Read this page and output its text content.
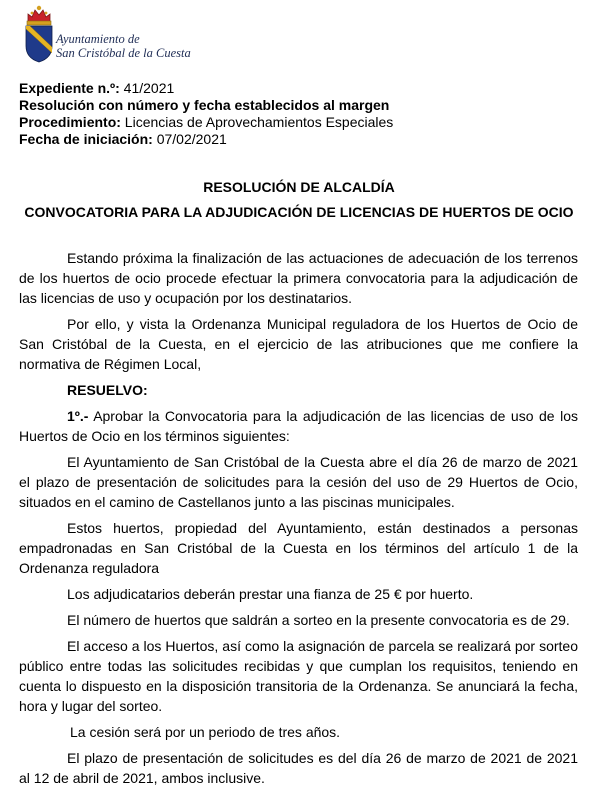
Ayuntamiento de
San Cristóbal de la Cuesta
Expediente n.º: 41/2021
Resolución con número y fecha establecidos al margen
Procedimiento: Licencias de Aprovechamientos Especiales
Fecha de iniciación: 07/02/2021
RESOLUCIÓN DE ALCALDÍA
CONVOCATORIA PARA LA ADJUDICACIÓN DE LICENCIAS DE HUERTOS DE OCIO

Estando próxima la finalización de las actuaciones de adecuación de los terrenos de los huertos de ocio procede efectuar la primera convocatoria para la adjudicación de las licencias de uso y ocupación por los destinatarios.

Por ello, y vista la Ordenanza Municipal reguladora de los Huertos de Ocio de San Cristóbal de la Cuesta, en el ejercicio de las atribuciones que me confiere la normativa de Régimen Local,

RESUELVO:

1º.- Aprobar la Convocatoria para la adjudicación de las licencias de uso de los Huertos de Ocio en los términos siguientes:

El Ayuntamiento de San Cristóbal de la Cuesta abre el día 26 de marzo de 2021 el plazo de presentación de solicitudes para la cesión del uso de 29 Huertos de Ocio, situados en el camino de Castellanos junto a las piscinas municipales.

Estos huertos, propiedad del Ayuntamiento, están destinados a personas empadronadas en San Cristóbal de la Cuesta en los términos del artículo 1 de la Ordenanza reguladora

Los adjudicatarios deberán prestar una fianza de 25 € por huerto.

El número de huertos que saldrán a sorteo en la presente convocatoria es de 29.

El acceso a los Huertos, así como la asignación de parcela se realizará por sorteo público entre todas las solicitudes recibidas y que cumplan los requisitos, teniendo en cuenta lo dispuesto en la disposición transitoria de la Ordenanza. Se anunciará la fecha, hora y lugar del sorteo.

La cesión será por un periodo de tres años.

El plazo de presentación de solicitudes es del día 26 de marzo de 2021 de 2021 al 12 de abril de 2021, ambos inclusive.
